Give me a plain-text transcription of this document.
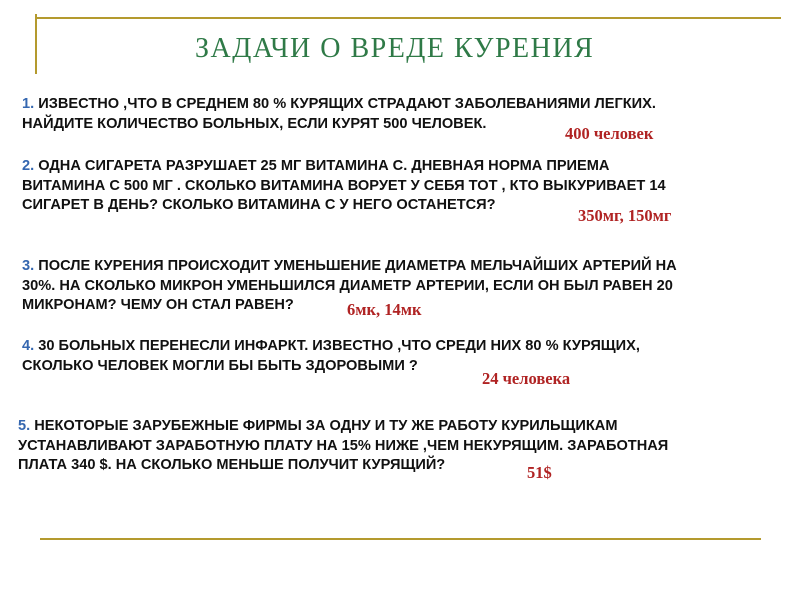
ЗАДАЧИ О ВРЕДЕ КУРЕНИЯ
1. ИЗВЕСТНО ,ЧТО В СРЕДНЕМ 80 % КУРЯЩИХ СТРАДАЮТ ЗАБОЛЕВАНИЯМИ ЛЕГКИХ.
НАЙДИТЕ КОЛИЧЕСТВО БОЛЬНЫХ, ЕСЛИ КУРЯТ 500 ЧЕЛОВЕК.
400 человек
2. ОДНА СИГАРЕТА РАЗРУШАЕТ 25 МГ ВИТАМИНА С. ДНЕВНАЯ НОРМА ПРИЕМА
ВИТАМИНА С 500 МГ . СКОЛЬКО ВИТАМИНА ВОРУЕТ У СЕБЯ ТОТ , КТО ВЫКУРИВАЕТ 14
СИГАРЕТ В ДЕНЬ? СКОЛЬКО ВИТАМИНА С У НЕГО ОСТАНЕТСЯ?
350мг, 150мг
3. ПОСЛЕ КУРЕНИЯ ПРОИСХОДИТ УМЕНЬШЕНИЕ ДИАМЕТРА МЕЛЬЧАЙШИХ АРТЕРИЙ НА
30%. НА СКОЛЬКО МИКРОН УМЕНЬШИЛСЯ ДИАМЕТР АРТЕРИИ, ЕСЛИ ОН БЫЛ РАВЕН 20
МИКРОНАМ? ЧЕМУ ОН СТАЛ РАВЕН?	6мк, 14мк
4. 30 БОЛЬНЫХ ПЕРЕНЕСЛИ ИНФАРКТ. ИЗВЕСТНО ,ЧТО СРЕДИ НИХ 80 % КУРЯЩИХ,
СКОЛЬКО ЧЕЛОВЕК МОГЛИ БЫ БЫТЬ ЗДОРОВЫМИ ?
24 человека
5. НЕКОТОРЫЕ ЗАРУБЕЖНЫЕ ФИРМЫ ЗА ОДНУ И ТУ ЖЕ РАБОТУ КУРИЛЬЩИКАМ
УСТАНАВЛИВАЮТ ЗАРАБОТНУЮ ПЛАТУ НА 15% НИЖЕ ,ЧЕМ НЕКУРЯЩИМ. ЗАРАБОТНАЯ
ПЛАТА 340 $. НА СКОЛЬКО МЕНЬШЕ ПОЛУЧИТ КУРЯЩИЙ?	51$
